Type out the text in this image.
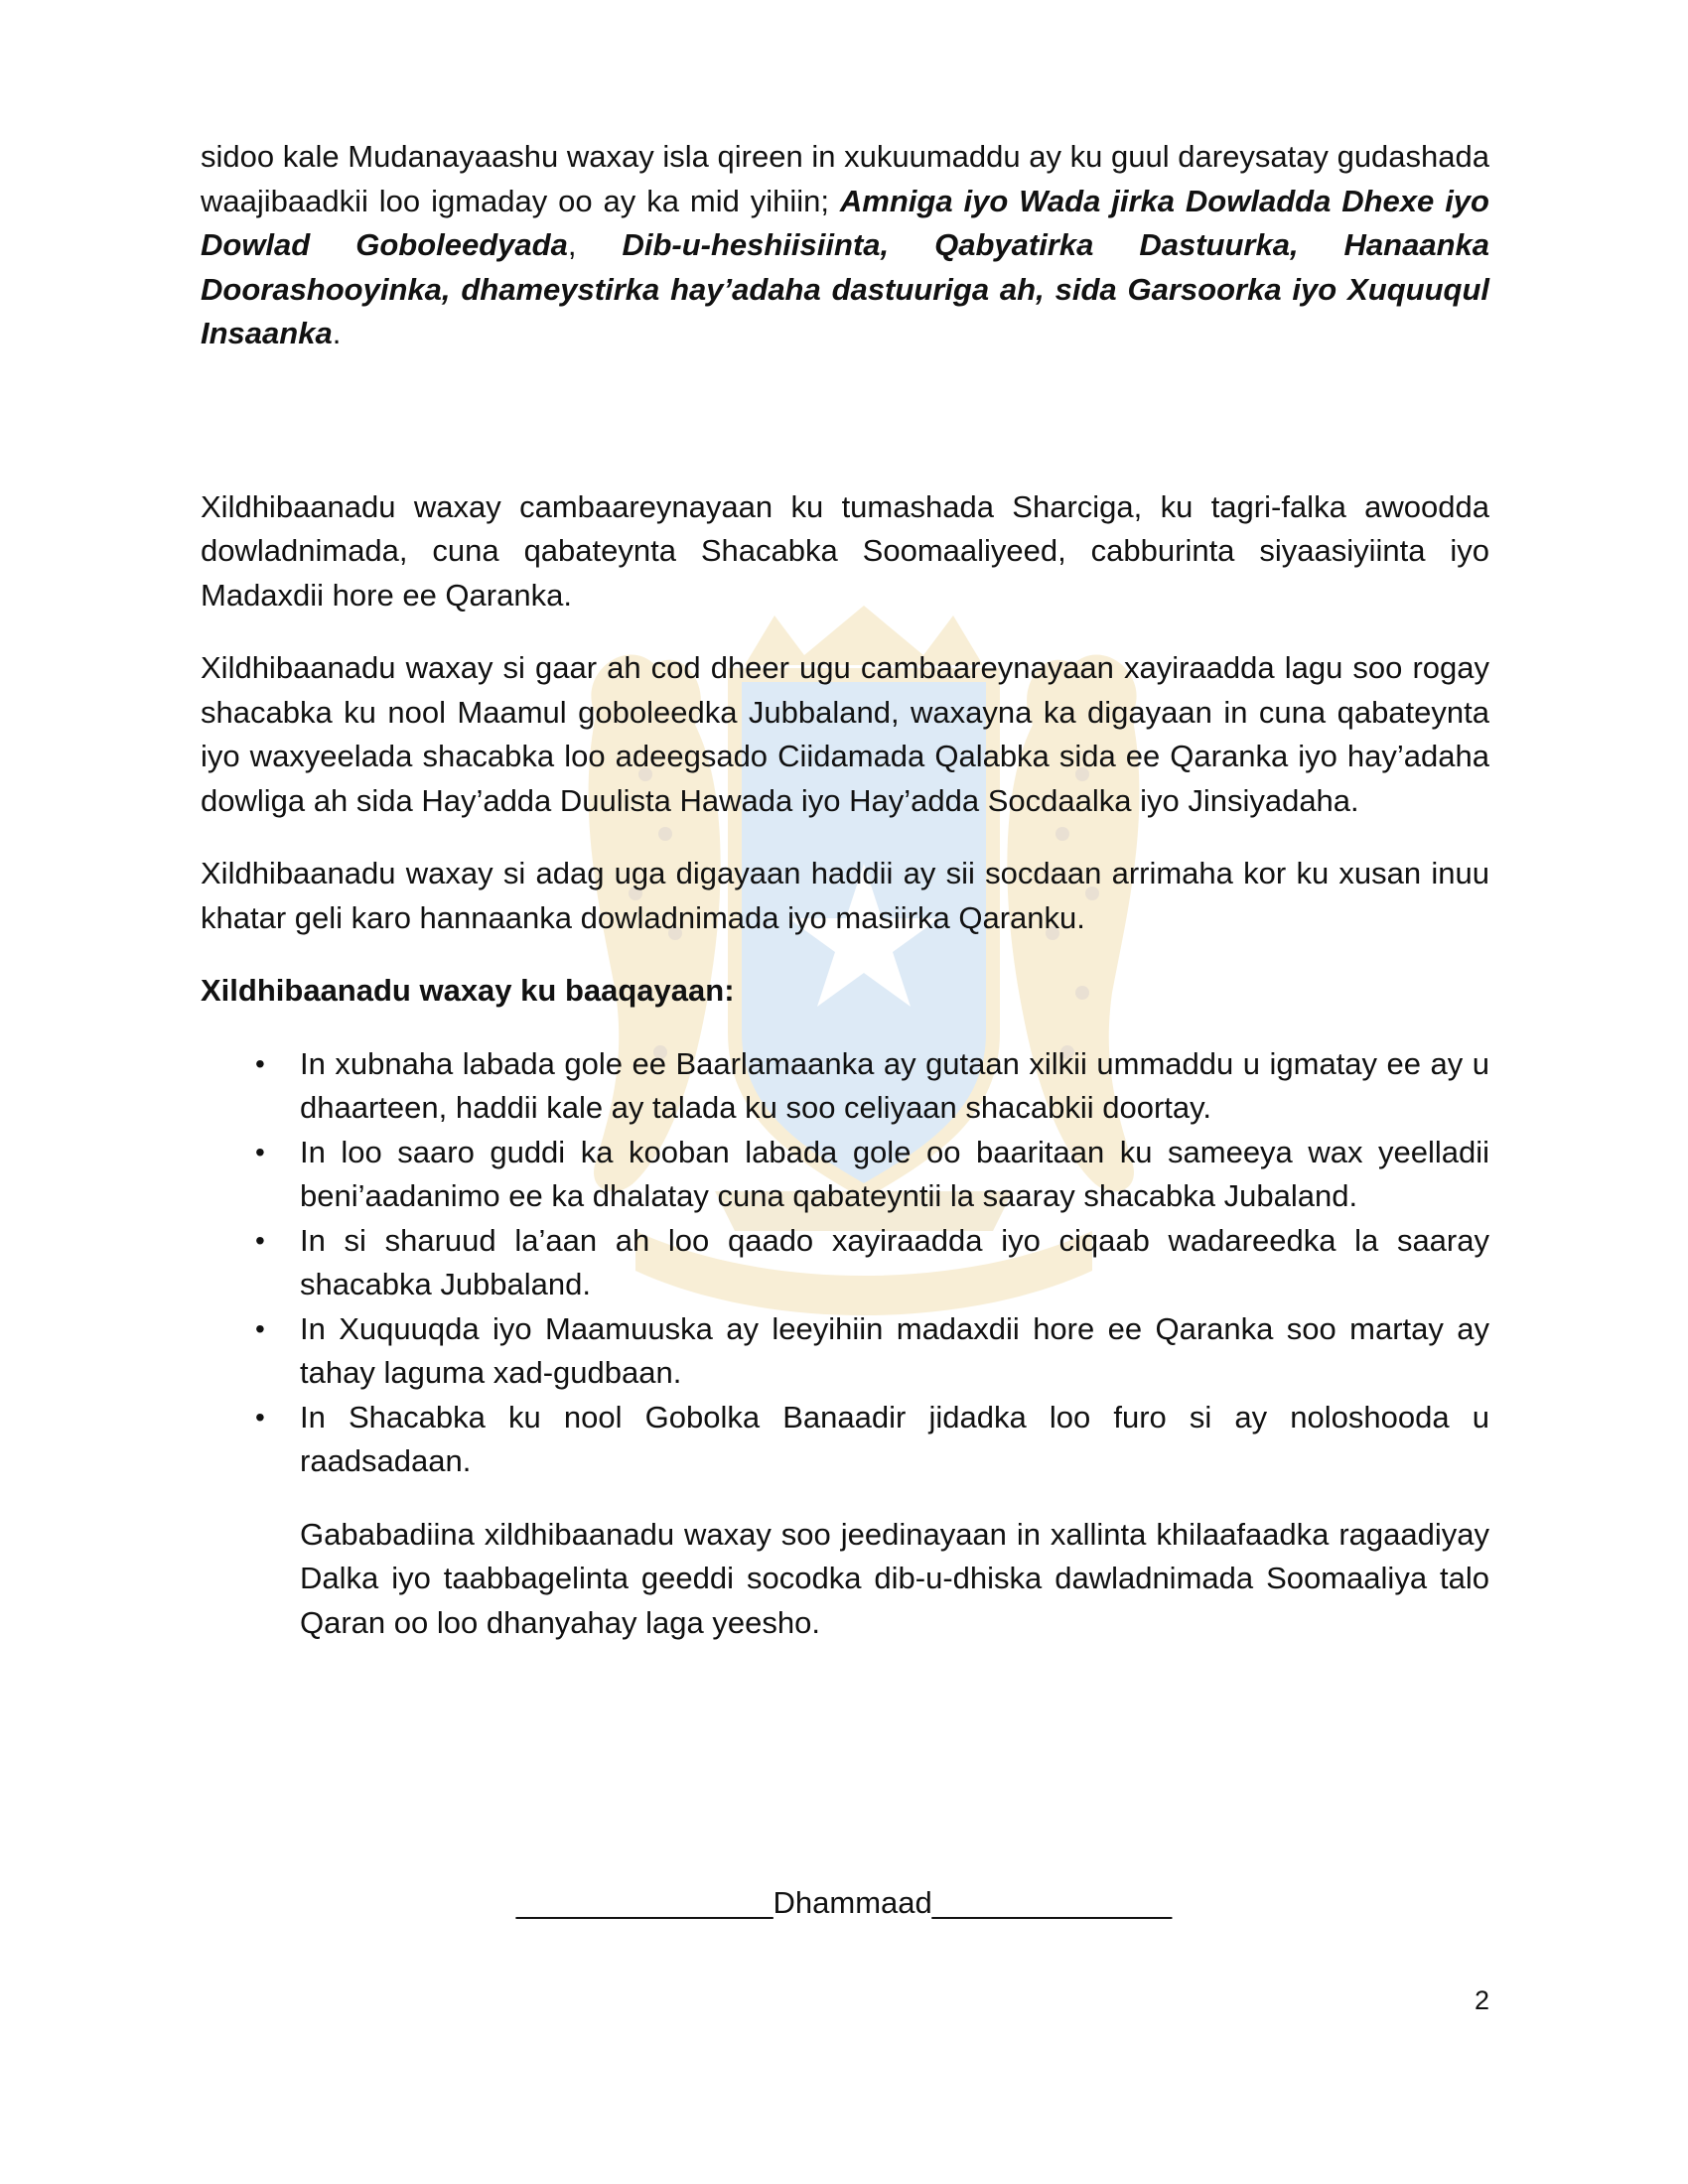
sidoo kale Mudanayaashu waxay isla qireen in xukuumaddu ay ku guul dareysatay gudashada waajibaadkii loo igmaday oo ay ka mid yihiin; Amniga iyo Wada jirka Dowladda Dhexe iyo Dowlad Goboleedyada, Dib-u-heshiisiinta, Qabyatirka Dastuurka, Hanaanka Doorashooyinka, dhameystirka hay’adaha dastuuriga ah, sida Garsoorka iyo Xuquuqul Insaanka.

Xildhibaanadu waxay cambaareynayaan ku tumashada Sharciga, ku tagri-falka awoodda dowladnimada, cuna qabateynta Shacabka Soomaaliyeed, cabburinta siyaasiyiinta iyo Madaxdii hore ee Qaranka.

Xildhibaanadu waxay si gaar ah cod dheer ugu cambaareynayaan xayiraadda lagu soo rogay shacabka ku nool Maamul goboleedka Jubbaland, waxayna ka digayaan in cuna qabateynta iyo waxyeelada shacabka loo adeegsado Ciidamada Qalabka sida ee Qaranka iyo hay’adaha dowliga ah sida Hay’adda Duulista Hawada iyo Hay’adda Socdaalka iyo Jinsiyadaha.

Xildhibaanadu waxay si adag uga digayaan haddii ay sii socdaan arrimaha kor ku xusan inuu khatar geli karo hannaanka dowladnimada iyo masiirka Qaranku.

Xildhibaanadu waxay ku baaqayaan:

• In xubnaha labada gole ee Baarlamaanka ay gutaan xilkii ummaddu u igmatay ee ay u dhaarteen, haddii kale ay talada ku soo celiyaan shacabkii doortay.
• In loo saaro guddi ka kooban labada gole oo baaritaan ku sameeya wax yeelladii beni’aadanimo ee ka dhalatay cuna qabateyntii la saaray shacabka Jubaland.
• In si sharuud la’aan ah loo qaado xayiraadda iyo ciqaab wadareedka la saaray shacabka Jubbaland.
• In Xuquuqda iyo Maamuuska ay leeyihiin madaxdii hore ee Qaranka soo martay ay tahay laguma xad-gudbaan.
• In Shacabka ku nool Gobolka Banaadir jidadka loo furo si ay noloshooda u raadsadaan.

Gababadiina xildhibaanadu waxay soo jeedinayaan in xallinta khilaafaadka ragaadiyay Dalka iyo taabbagelinta geeddi socodka dib-u-dhiska dawladnimada Soomaaliya talo Qaran oo loo dhanyahay laga yeesho.

_______________Dhammaad______________
2
